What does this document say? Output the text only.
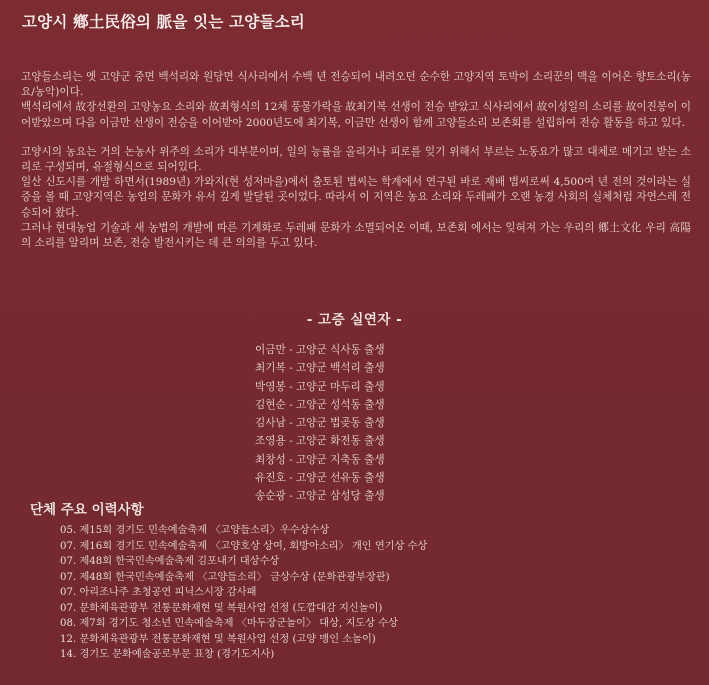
고양시 鄕土民俗의 脈을 잇는 고양들소리

고양들소리는 옛 고양군 중면 백석리와 원당면 식사리에서 수백 년 전승되어 내려오던 순수한 고양지역 토박이 소리꾼의 맥을 이어온 향토소리(농요/농악)이다.
백석리에서 故장선환의 고양농요 소리와 故최형식의 12채 풍물가락을 故최기복 선생이 전승 받았고 식사리에서 故이성일의 소리를 故이진봉이 이어받았으며 다음 이금만 선생이 전승을 이어받아 2000년도에 최기복, 이금만 선생이 함께 고양들소리 보존회를 설립하여 전승 활동을 하고 있다.

고양시의 농요는 거의 논농사 위주의 소리가 대부분이며, 일의 능률을 올리거나 피로를 잊기 위해서 부르는 노동요가 많고 대체로 메기고 받는 소리로 구성되며, 유절형식으로 되어있다.
일산 신도시를 개발 하면서(1989년) 가와지(현 성저마을)에서 출토된 볍씨는 학계에서 연구된 바로 재배 볍씨로써 4,500여 년 전의 것이라는 실증을 볼 때 고양지역은 농업의 문화가 유서 깊게 발달된 곳이었다. 따라서 이 지역은 농요 소리와 두레패가 오랜 농경 사회의 실체처럼 자연스레 전승되어 왔다.
그러나 현대농업 기술과 새 농법의 개발에 따른 기계화로 두레패 문화가 소멸되어온 이때, 보존회 에서는 잊혀져 가는 우리의 鄕土文化 우리 高陽 의 소리를 알리며 보존, 전승 발전시키는 데 큰 의의를 두고 있다.

- 고증 실연자 -
이금만 - 고양군 식사동 출생
최기복 - 고양군 백석리 출생
박영봉 - 고양군 마두리 출생
김현순 - 고양군 성석동 출생
김사남 - 고양군 법곶동 출생
조영용 - 고양군 화전동 출생
최창성 - 고양군 지축동 출생
유진호 - 고양군 선유동 출생
송순광 - 고양군 삼성당 출생
단체 주요 이력사항
05. 제15회 경기도 민속예술축제 〈고양들소리〉우수상수상
07. 제16회 경기도 민속예술축제 〈고양호상 상여, 회방아소리〉 개인 연기상 수상
07. 제48회 한국민속예술축제 김포내기 대상수상
07. 제48회 한국민속예술축제 〈고양들소리〉 금상수상 (문화관광부장관)
07. 아리조나주 초청공연 피닉스시장 감사패
07. 문화체육관광부 전통문화재현 및 복원사업 선정 (도깝대감 지신놀이)
08. 제7회 경기도 청소년 민속예술축제 〈마두장군놀이〉 대상, 지도상 수상
12. 문화체육관광부 전통문화재현 및 복원사업 선정 (고양 맹인 소놀이)
14. 경기도 문화예술공로부문 표창 (경기도지사)
